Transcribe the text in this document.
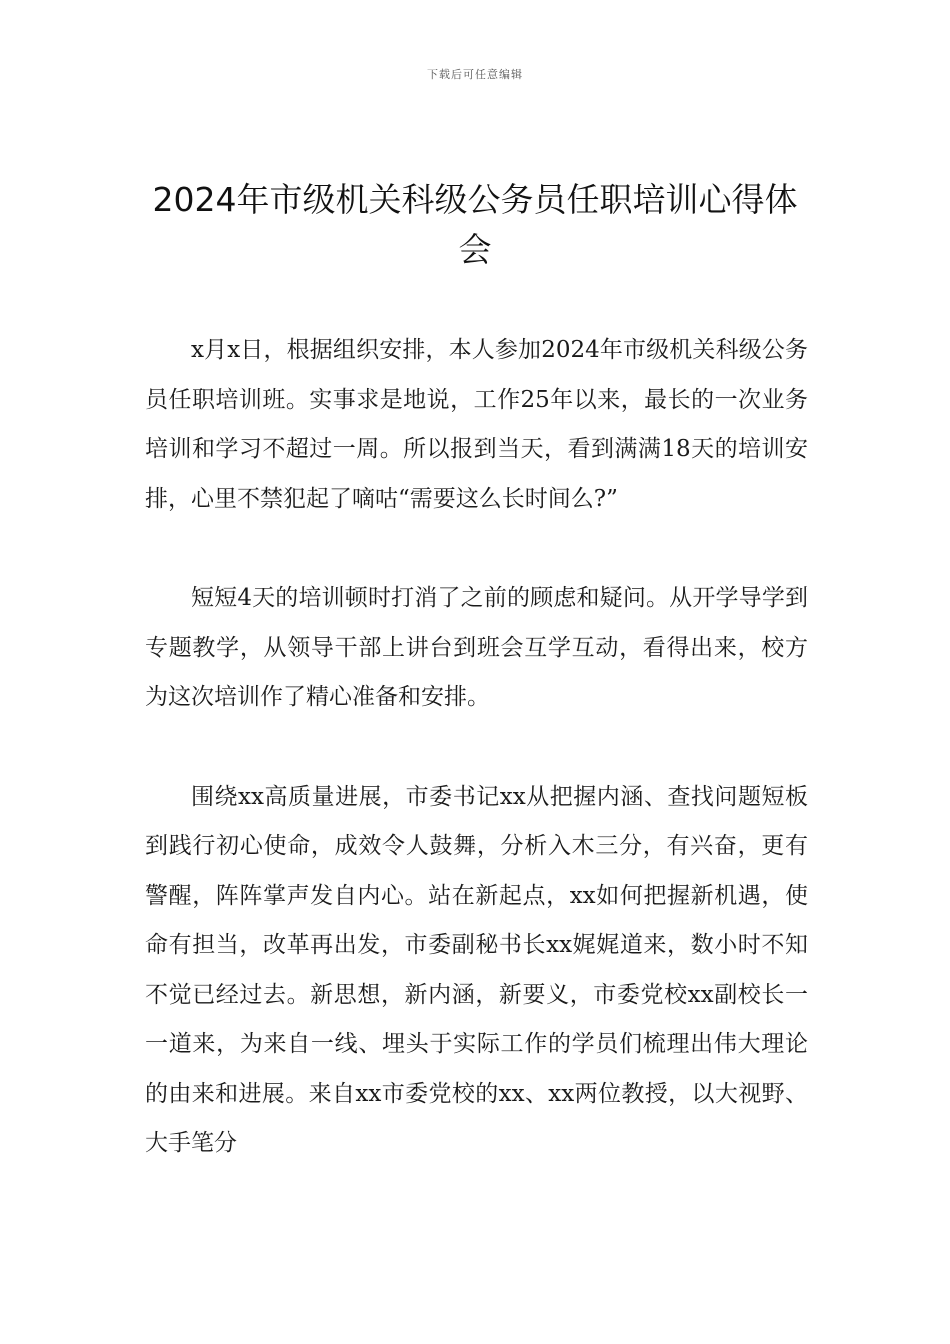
下载后可任意编辑
2024年市级机关科级公务员任职培训心得体会

x月x日，根据组织安排，本人参加2024年市级机关科级公务员任职培训班。实事求是地说，工作25年以来，最长的一次业务培训和学习不超过一周。所以报到当天，看到满满18天的培训安排，心里不禁犯起了嘀咕“需要这么长时间么?”

短短4天的培训顿时打消了之前的顾虑和疑问。从开学导学到专题教学，从领导干部上讲台到班会互学互动，看得出来，校方为这次培训作了精心准备和安排。

围绕xx高质量进展，市委书记xx从把握内涵、查找问题短板到践行初心使命，成效令人鼓舞，分析入木三分，有兴奋，更有警醒，阵阵掌声发自内心。站在新起点，xx如何把握新机遇，使命有担当，改革再出发，市委副秘书长xx娓娓道来，数小时不知不觉已经过去。新思想，新内涵，新要义，市委党校xx副校长一一道来，为来自一线、埋头于实际工作的学员们梳理出伟大理论的由来和进展。来自xx市委党校的xx、xx两位教授，以大视野、大手笔分
